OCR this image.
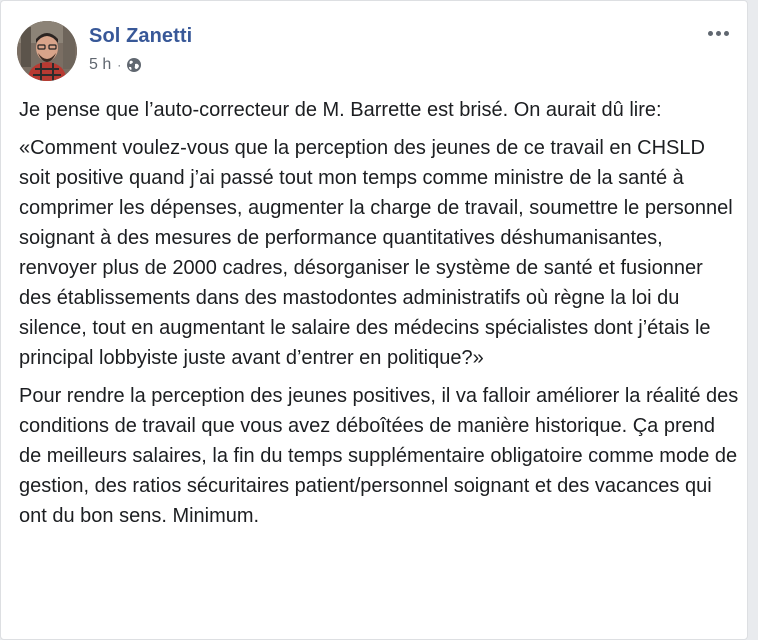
Sol Zanetti
5 h ·

Je pense que l’auto-correcteur de M. Barrette est brisé. On aurait dû lire:

«Comment voulez-vous que la perception des jeunes de ce travail en CHSLD soit positive quand j’ai passé tout mon temps comme ministre de la santé à comprimer les dépenses, augmenter la charge de travail, soumettre le personnel soignant à des mesures de performance quantitatives déshumanisantes, renvoyer plus de 2000 cadres, désorganiser le système de santé et fusionner des établissements dans des mastodontes administratifs où règne la loi du silence, tout en augmentant le salaire des médecins spécialistes dont j’étais le principal lobbyiste juste avant d’entrer en politique?»

Pour rendre la perception des jeunes positives, il va falloir améliorer la réalité des conditions de travail que vous avez déboîtées de manière historique. Ça prend de meilleurs salaires, la fin du temps supplémentaire obligatoire comme mode de gestion, des ratios sécuritaires patient/personnel soignant et des vacances qui ont du bon sens. Minimum.
